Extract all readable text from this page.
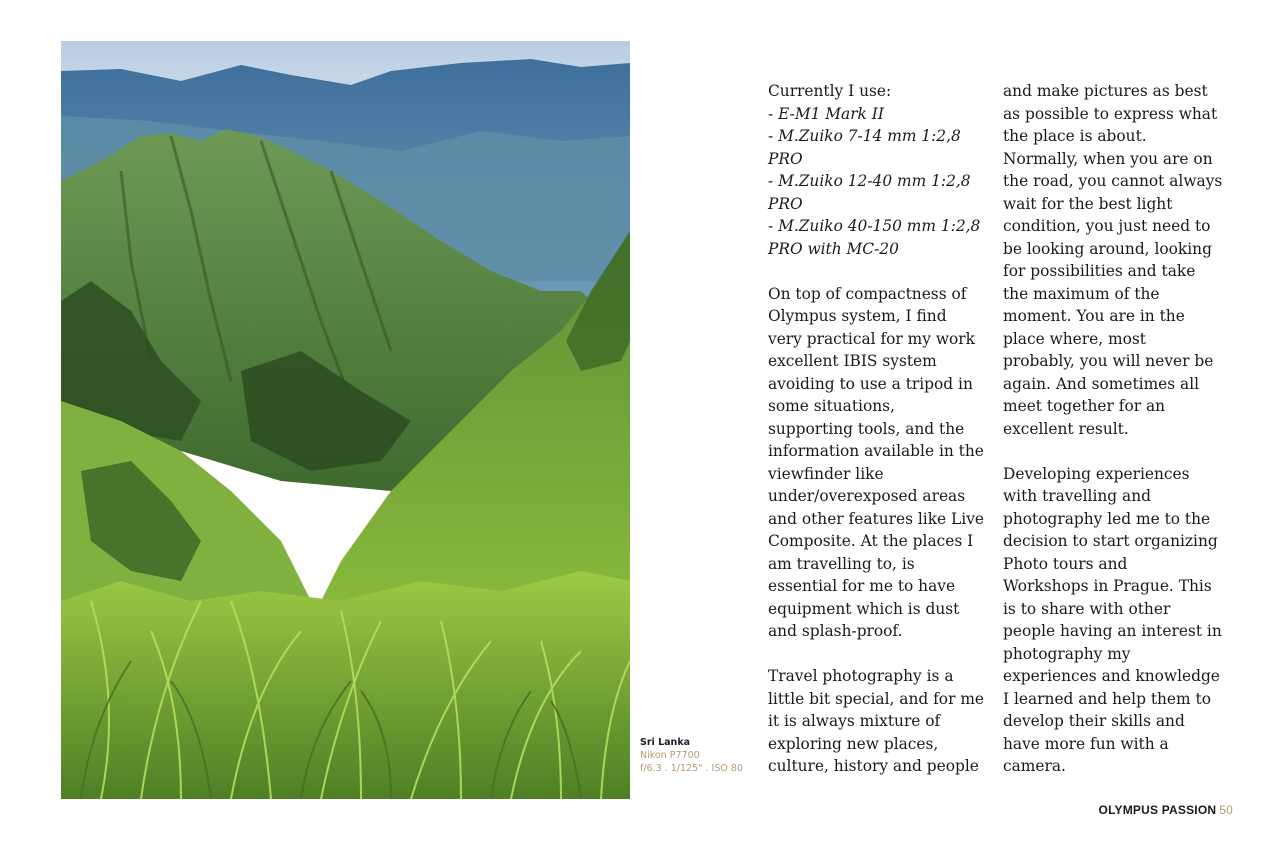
Sri Lanka
Nikon P7700
f/6.3 . 1/125" . ISO 80

Currently I use:
- E-M1 Mark II
- M.Zuiko 7-14 mm 1:2,8
PRO
- M.Zuiko 12-40 mm 1:2,8
PRO
- M.Zuiko 40-150 mm 1:2,8
PRO with MC-20

On top of compactness of
Olympus system, I find
very practical for my work
excellent IBIS system
avoiding to use a tripod in
some situations,
supporting tools, and the
information available in the
viewfinder like
under/overexposed areas
and other features like Live
Composite. At the places I
am travelling to, is
essential for me to have
equipment which is dust
and splash-proof.

Travel photography is a
little bit special, and for me
it is always mixture of
exploring new places,
culture, history and people

and make pictures as best
as possible to express what
the place is about.
Normally, when you are on
the road, you cannot always
wait for the best light
condition, you just need to
be looking around, looking
for possibilities and take
the maximum of the
moment. You are in the
place where, most
probably, you will never be
again. And sometimes all
meet together for an
excellent result.

Developing experiences
with travelling and
photography led me to the
decision to start organizing
Photo tours and
Workshops in Prague. This
is to share with other
people having an interest in
photography my
experiences and knowledge
I learned and help them to
develop their skills and
have more fun with a
camera.

OLYMPUS PASSION 50
